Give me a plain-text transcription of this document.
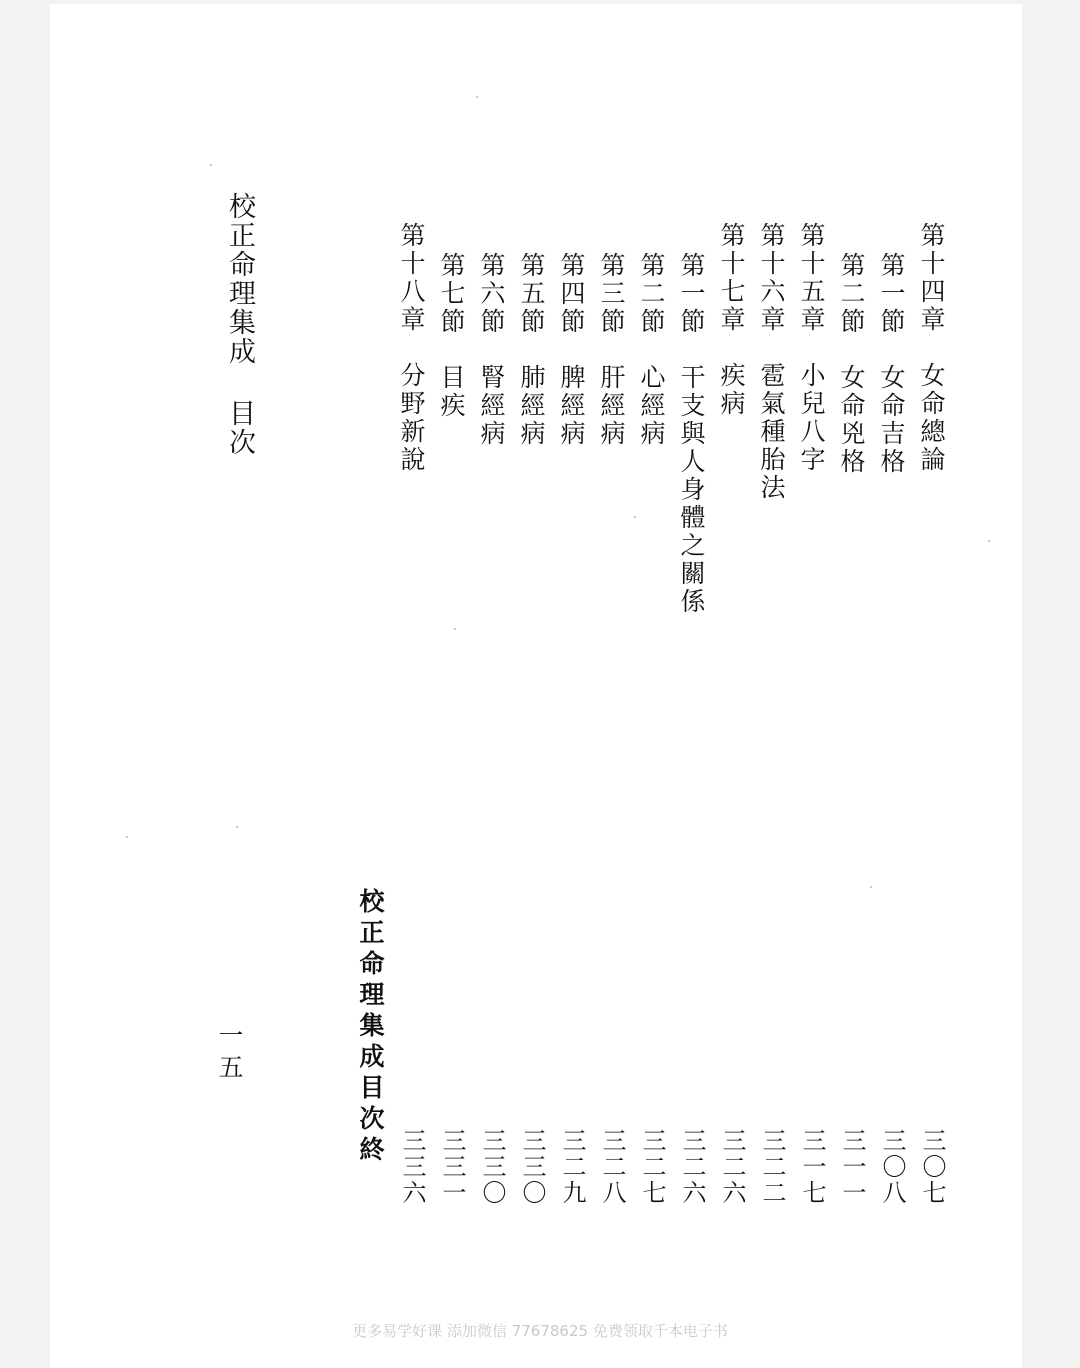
校正命理集成 目次	第十四章　女命總論
第一節　女命吉格
第二節　女命兇格
第十五章　小兒八字
第十六章　雹氣種胎法
第十七章　疾病
第一節　干支與人身體之關係
第二節　心經病
第三節　肝經病
第四節　脾經病
第五節　肺經病
第六節　腎經病
第七節　目疾
第十八章　分野新說
校正命理集成目次終
一
五
三〇七
三〇八
三一一
三一七
三二二
三二六
三二六
三二七
三二八
三二九
三三〇
三三〇
三三一
三三六
更多易学好课 添加微信 77678625 免费领取千本电子书
